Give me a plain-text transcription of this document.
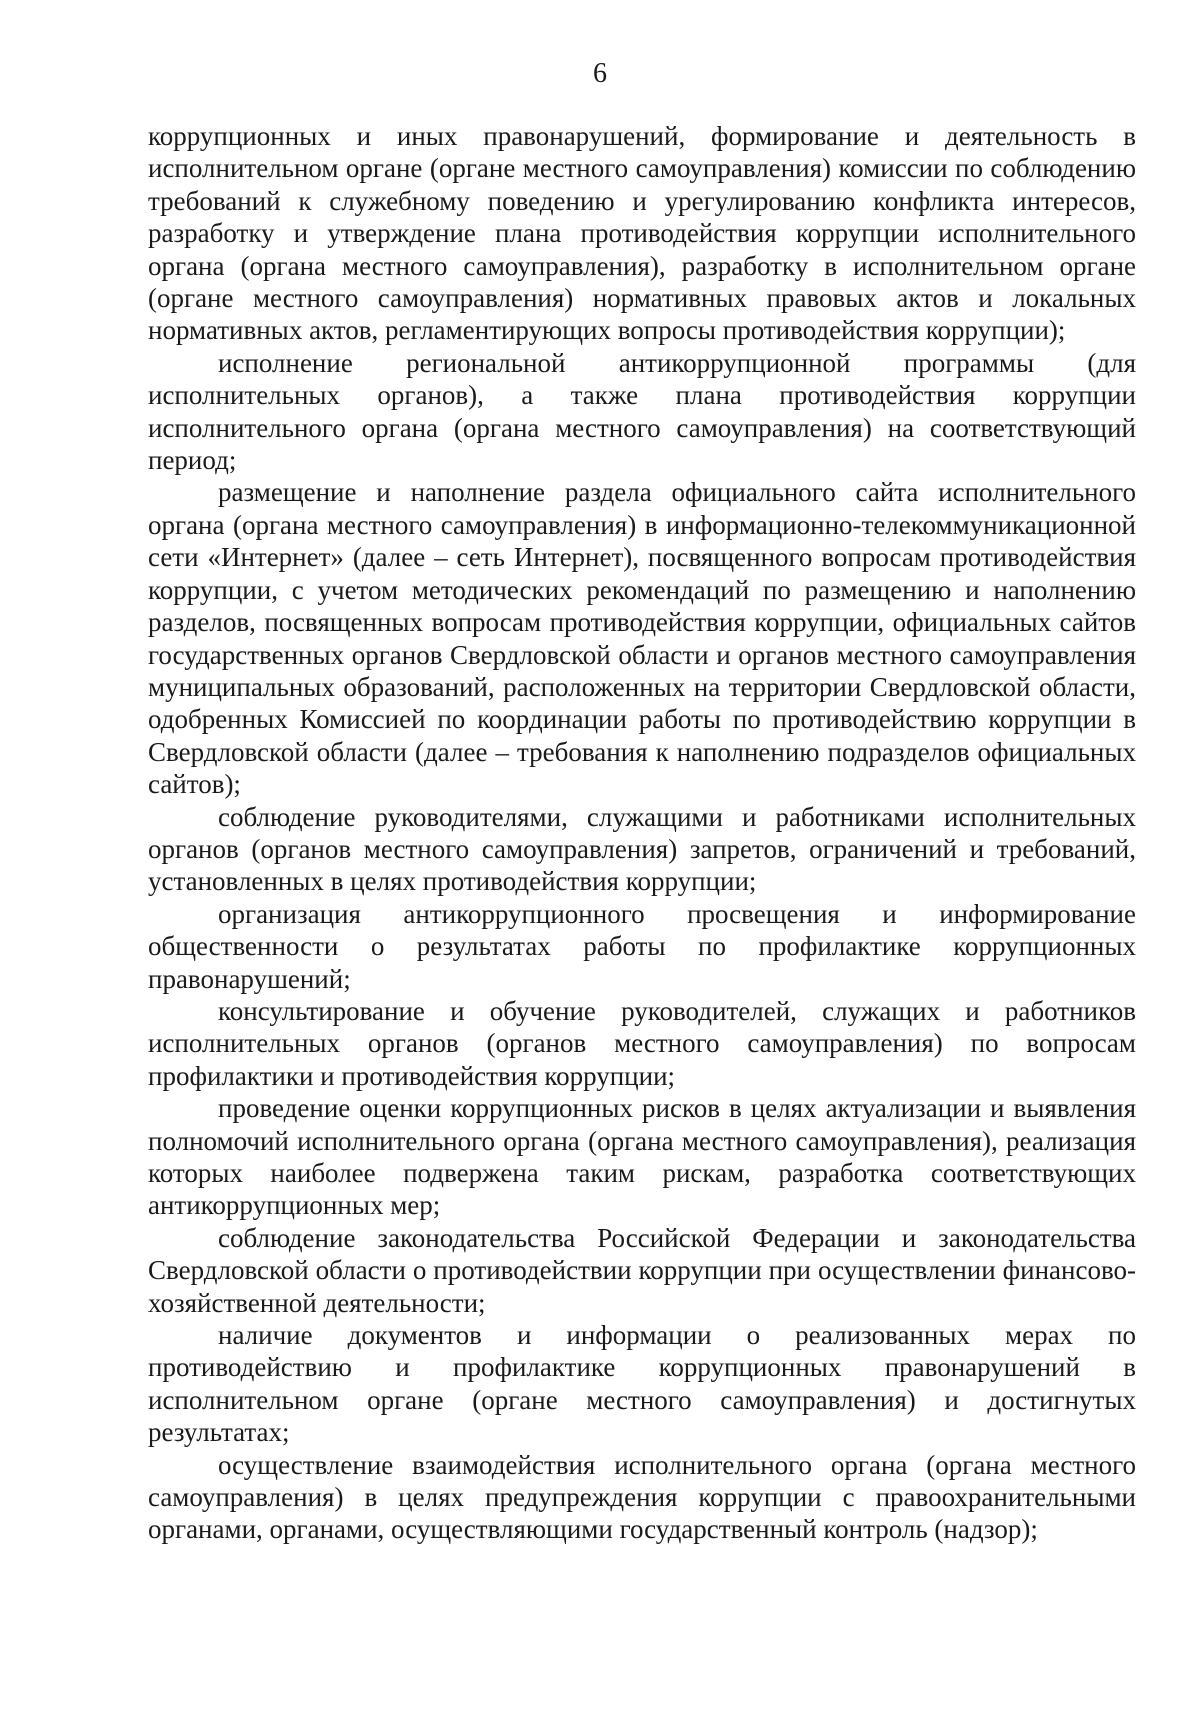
6

коррупционных и иных правонарушений, формирование и деятельность в исполнительном органе (органе местного самоуправления) комиссии по соблюдению требований к служебному поведению и урегулированию конфликта интересов, разработку и утверждение плана противодействия коррупции исполнительного органа (органа местного самоуправления), разработку в исполнительном органе (органе местного самоуправления) нормативных правовых актов и локальных нормативных актов, регламентирующих вопросы противодействия коррупции);

исполнение региональной антикоррупционной программы (для исполнительных органов), а также плана противодействия коррупции исполнительного органа (органа местного самоуправления) на соответствующий период;

размещение и наполнение раздела официального сайта исполнительного органа (органа местного самоуправления) в информационно-телекоммуникационной сети «Интернет» (далее – сеть Интернет), посвященного вопросам противодействия коррупции, с учетом методических рекомендаций по размещению и наполнению разделов, посвященных вопросам противодействия коррупции, официальных сайтов государственных органов Свердловской области и органов местного самоуправления муниципальных образований, расположенных на территории Свердловской области, одобренных Комиссией по координации работы по противодействию коррупции в Свердловской области (далее – требования к наполнению подразделов официальных сайтов);

соблюдение руководителями, служащими и работниками исполнительных органов (органов местного самоуправления) запретов, ограничений и требований, установленных в целях противодействия коррупции;

организация антикоррупционного просвещения и информирование общественности о результатах работы по профилактике коррупционных правонарушений;

консультирование и обучение руководителей, служащих и работников исполнительных органов (органов местного самоуправления) по вопросам профилактики и противодействия коррупции;

проведение оценки коррупционных рисков в целях актуализации и выявления полномочий исполнительного органа (органа местного самоуправления), реализация которых наиболее подвержена таким рискам, разработка соответствующих антикоррупционных мер;

соблюдение законодательства Российской Федерации и законодательства Свердловской области о противодействии коррупции при осуществлении финансово-хозяйственной деятельности;

наличие документов и информации о реализованных мерах по противодействию и профилактике коррупционных правонарушений в исполнительном органе (органе местного самоуправления) и достигнутых результатах;

осуществление взаимодействия исполнительного органа (органа местного самоуправления) в целях предупреждения коррупции с правоохранительными органами, органами, осуществляющими государственный контроль (надзор);
